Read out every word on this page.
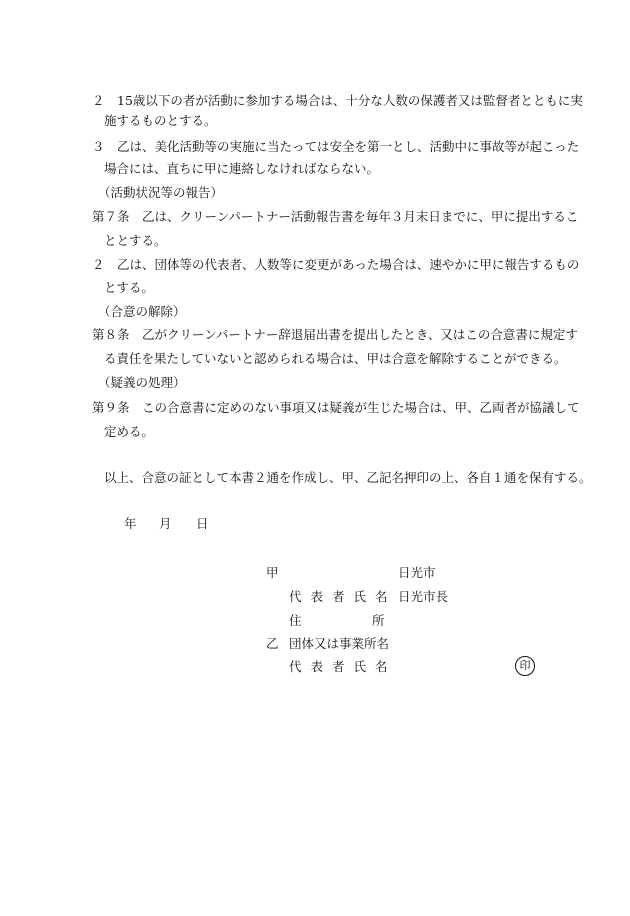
２　15歳以下の者が活動に参加する場合は、十分な人数の保護者又は監督者とともに実
施するものとする。
３　乙は、美化活動等の実施に当たっては安全を第一とし、活動中に事故等が起こった
場合には、直ちに甲に連絡しなければならない。
（活動状況等の報告）
第７条　乙は、クリーンパートナー活動報告書を毎年３月末日までに、甲に提出するこ
ととする。
２　乙は、団体等の代表者、人数等に変更があった場合は、速やかに甲に報告するもの
とする。
（合意の解除）
第８条　乙がクリーンパートナー辞退届出書を提出したとき、又はこの合意書に規定す
る責任を果たしていないと認められる場合は、甲は合意を解除することができる。
（疑義の処理）
第９条　この合意書に定めのない事項又は疑義が生じた場合は、甲、乙両者が協議して
定める。
以上、合意の証として本書２通を作成し、甲、乙記名押印の上、各自１通を保有する。
年 月 日
甲	日光市
代表者氏名 日光市長
住	所
乙 団体又は事業所名
代表者氏名	印
